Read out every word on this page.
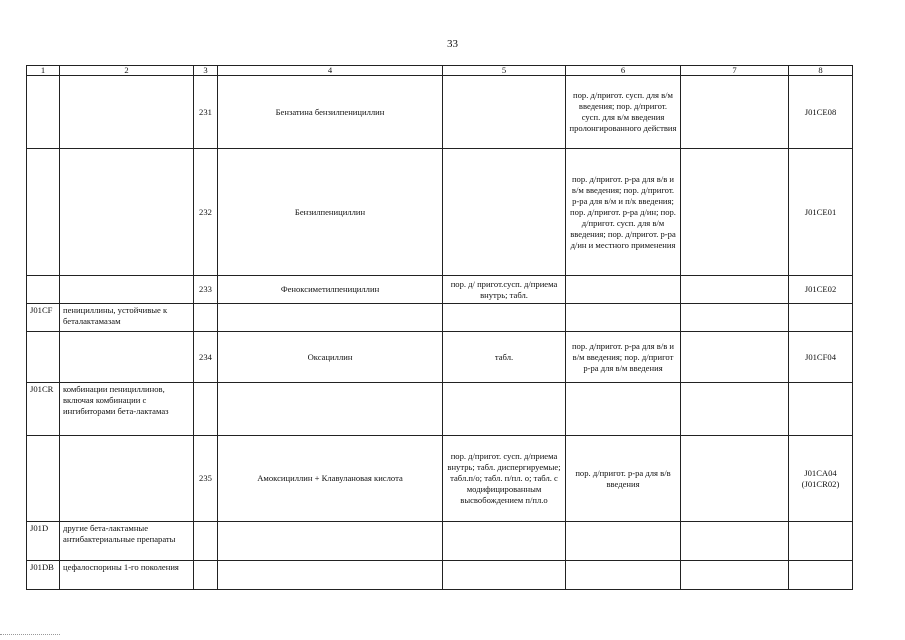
33
1	2	3	4	5	6	7	8
		231	Бензатина бензилпенициллин		пор. д/пригот. сусп. для в/м введения; пор. д/пригот. сусп. для в/м введения пролонгированного действия		J01CE08
		232	Бензилпенициллин		пор. д/пригот. р-ра для в/в и в/м введения; пор. д/пригот. р-ра для в/м и п/к введения; пор. д/пригот. р-ра д/ин; пор. д/пригот. сусп. для в/м введения; пор. д/пригот. р-ра д/ин и местного применения		J01CE01
		233	Феноксиметилпенициллин	пор. д/ пригот.сусп. д/приема внутрь; табл.			J01CE02
J01CF	пенициллины, устойчивые к беталактамазам						
		234	Оксациллин	табл.	пор. д/пригот. р-ра для в/в и в/м введения; пор. д/пригот р-ра для в/м введения		J01CF04
J01CR	комбинации пенициллинов, включая комбинации с ингибиторами бета-лактамаз						
		235	Амоксициллин + Клавулановая кислота	пор. д/пригот. сусп. д/приема внутрь; табл. диспергируемые; табл.п/о; табл. п/пл. о; табл. с модифицированным высвобождением п/пл.о	пор. д/пригот. р-ра для в/в введения		J01CA04 (J01CR02)
J01D	другие бета-лактамные антибактериальные препараты						
J01DB	цефалоспорины 1-го поколения						
